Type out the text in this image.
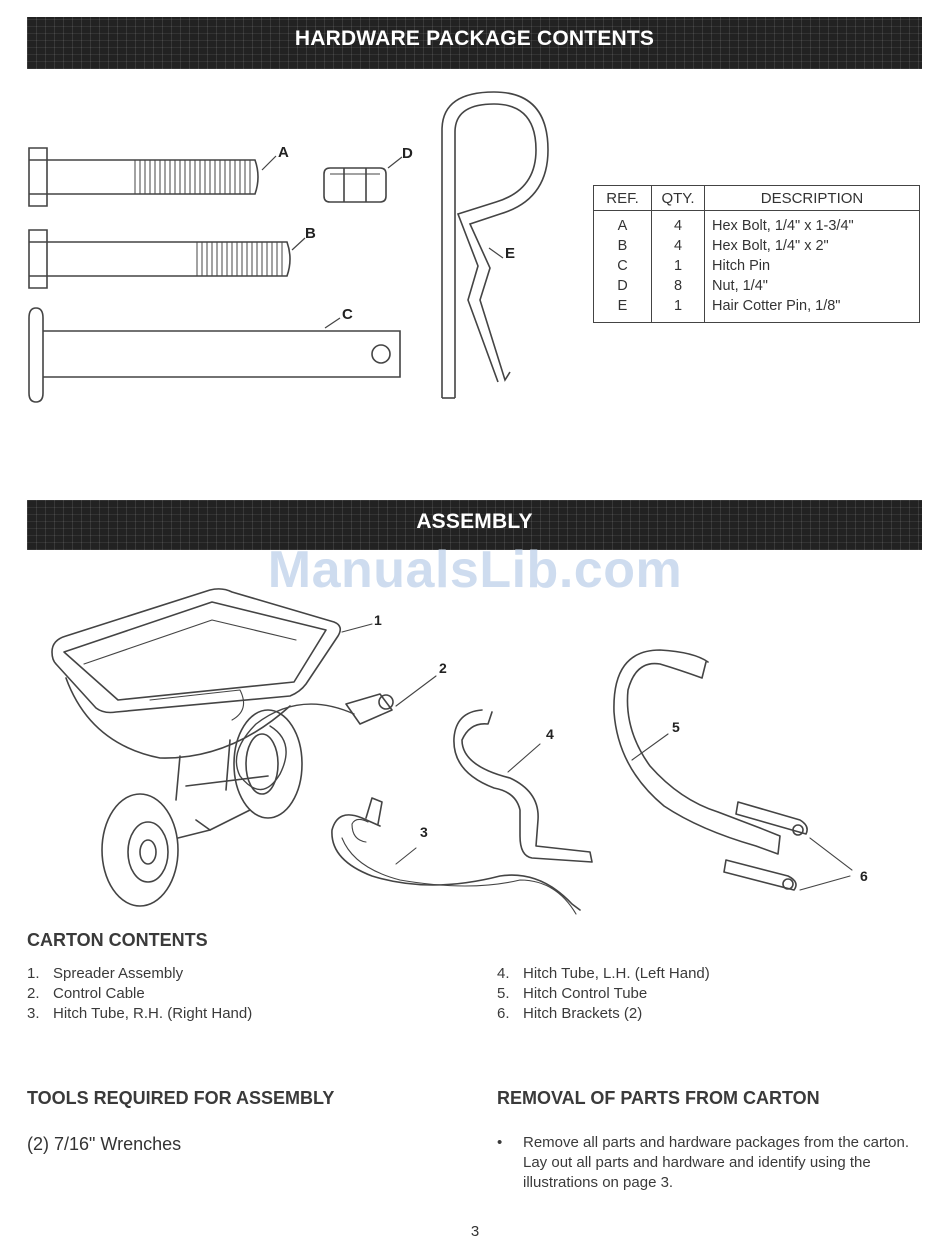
HARDWARE PACKAGE CONTENTS
A
B
C
D
E
REF.	QTY.	DESCRIPTION
A	4	Hex Bolt, 1/4" x 1-3/4"
B	4	Hex Bolt, 1/4" x 2"
C	1	Hitch Pin
D	8	Nut, 1/4"
E	1	Hair Cotter Pin, 1/8"
ASSEMBLY
ManualsLib.com
1
2
3
4	5
6
CARTON CONTENTS
1. Spreader Assembly
2. Control Cable
3. Hitch Tube, R.H. (Right Hand)
4. Hitch Tube, L.H. (Left Hand)
5. Hitch Control Tube
6. Hitch Brackets (2)
TOOLS REQUIRED FOR ASSEMBLY
(2) 7/16" Wrenches
REMOVAL OF PARTS FROM CARTON
• Remove all parts and hardware packages from the carton. Lay out all parts and hardware and identify using the illustrations on page 3.
3
